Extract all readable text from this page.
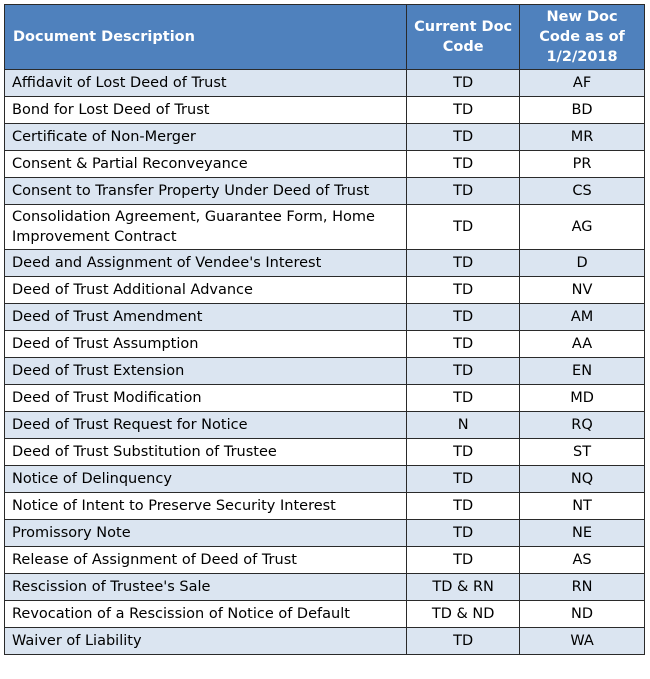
Document Description	Current Doc Code	New Doc Code as of 1/2/2018
Affidavit of Lost Deed of Trust	TD	AF
Bond for Lost Deed of Trust	TD	BD
Certificate of Non-Merger	TD	MR
Consent & Partial Reconveyance	TD	PR
Consent to Transfer Property Under Deed of Trust	TD	CS
Consolidation Agreement, Guarantee Form, Home Improvement Contract	TD	AG
Deed and Assignment of Vendee's Interest	TD	D
Deed of Trust Additional Advance	TD	NV
Deed of Trust Amendment	TD	AM
Deed of Trust Assumption	TD	AA
Deed of Trust Extension	TD	EN
Deed of Trust Modification	TD	MD
Deed of Trust Request for Notice	N	RQ
Deed of Trust Substitution of Trustee	TD	ST
Notice of Delinquency	TD	NQ
Notice of Intent to Preserve Security Interest	TD	NT
Promissory Note	TD	NE
Release of Assignment of Deed of Trust	TD	AS
Rescission of Trustee's Sale	TD & RN	RN
Revocation of a Rescission of Notice of Default	TD & ND	ND
Waiver of Liability	TD	WA
